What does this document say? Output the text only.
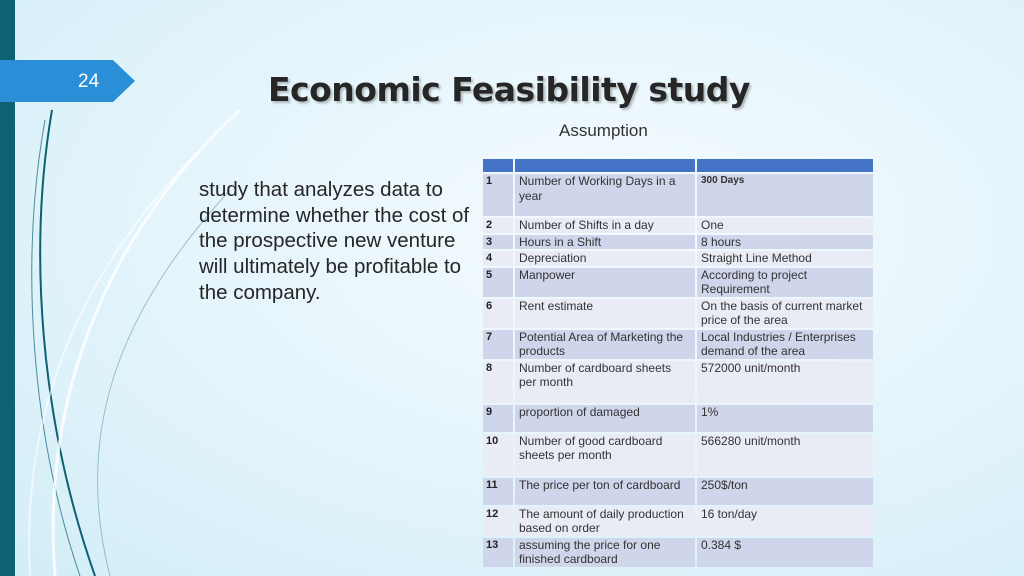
24	Economic Feasibility study
Assumption

study that analyzes data to determine whether the cost of the prospective new venture will ultimately be profitable to the company.

1	Number of Working Days in a year	300 Days
2	Number of Shifts in a day	One
3	Hours in a Shift	8 hours
4	Depreciation	Straight Line Method
5	Manpower	According to project Requirement
6	Rent estimate	On the basis of current market price of the area
7	Potential Area of Marketing the products	Local Industries / Enterprises demand of the area
8	Number of cardboard sheets per month	572000 unit/month
9	proportion of damaged	1%
10	Number of good cardboard sheets per month	566280 unit/month
11	The price per ton of cardboard	250$/ton
12	The amount of daily production based on order	16 ton/day
13	assuming the price for one finished cardboard	0.384 $
